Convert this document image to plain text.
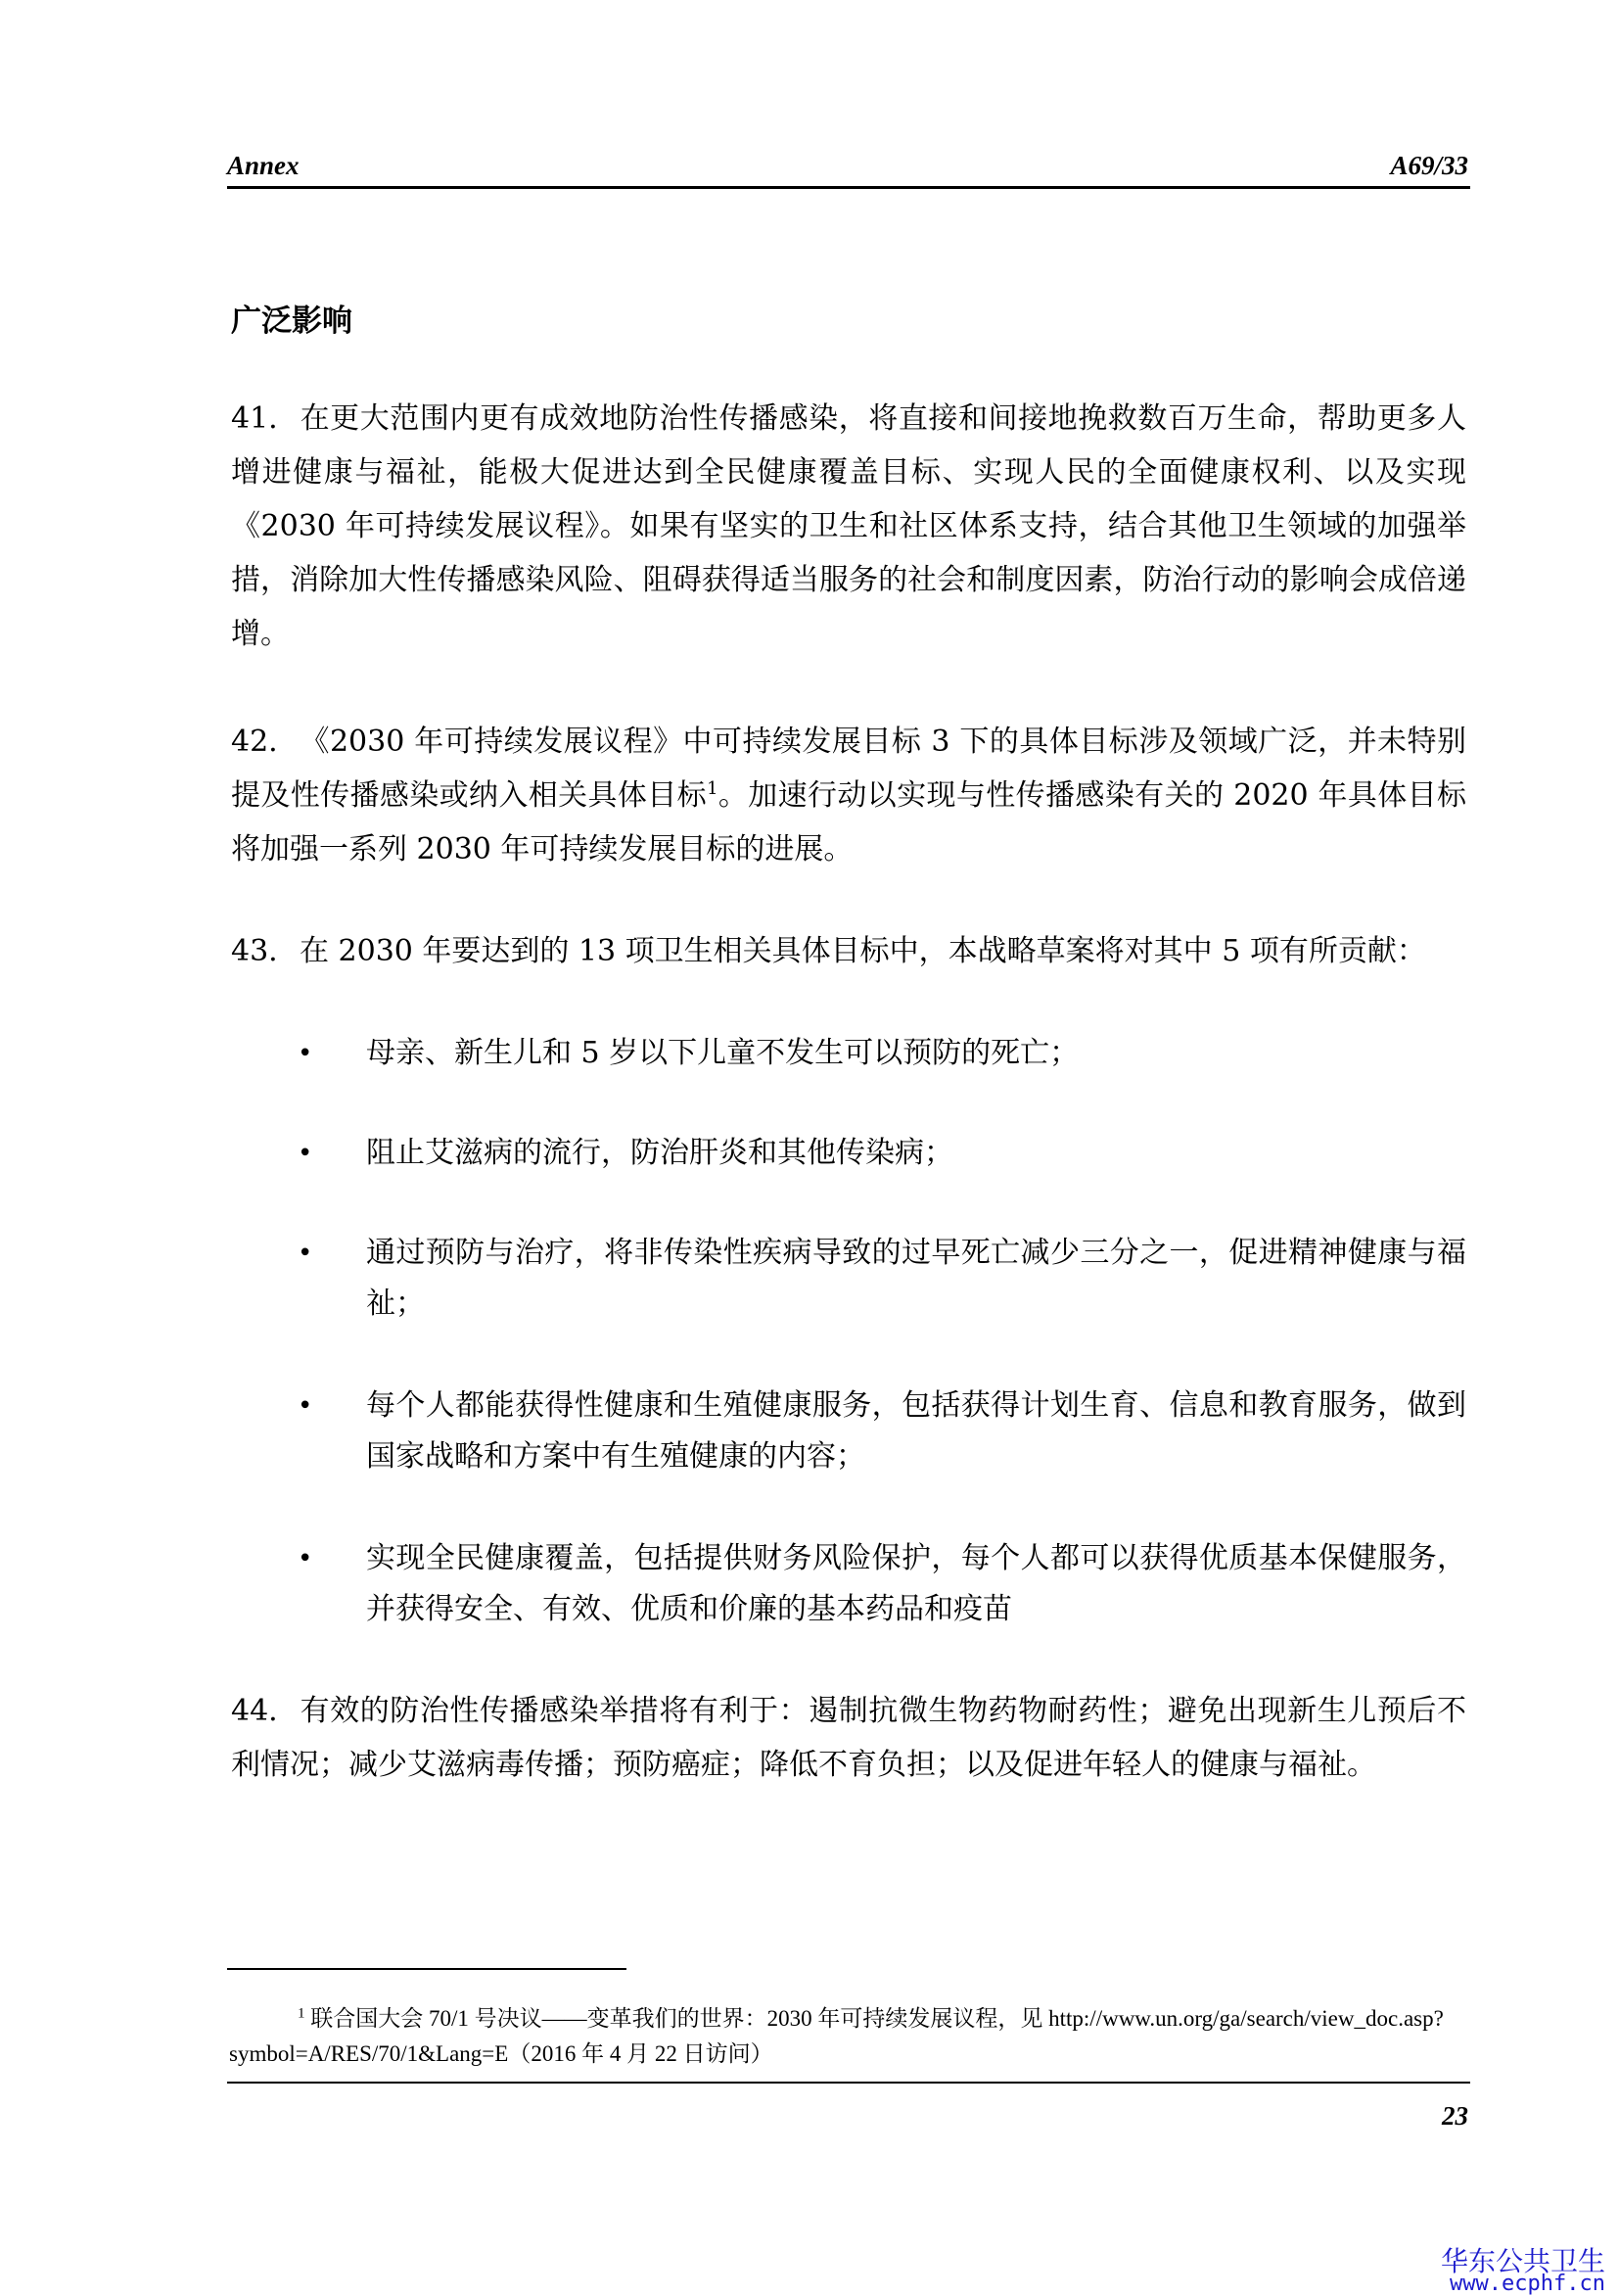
Annex	A69/33
广泛影响
41. 在更大范围内更有成效地防治性传播感染，将直接和间接地挽救数百万生命，帮助更多人增进健康与福祉，能极大促进达到全民健康覆盖目标、实现人民的全面健康权利、以及实现《2030 年可持续发展议程》。如果有坚实的卫生和社区体系支持，结合其他卫生领域的加强举措，消除加大性传播感染风险、阻碍获得适当服务的社会和制度因素，防治行动的影响会成倍递增。
42. 《2030 年可持续发展议程》中可持续发展目标 3 下的具体目标涉及领域广泛，并未特别提及性传播感染或纳入相关具体目标$^1$。加速行动以实现与性传播感染有关的 2020 年具体目标将加强一系列 2030 年可持续发展目标的进展。
43. 在 2030 年要达到的 13 项卫生相关具体目标中，本战略草案将对其中 5 项有所贡献：
• 母亲、新生儿和 5 岁以下儿童不发生可以预防的死亡；
• 阻止艾滋病的流行，防治肝炎和其他传染病；
• 通过预防与治疗，将非传染性疾病导致的过早死亡减少三分之一，促进精神健康与福祉；
• 每个人都能获得性健康和生殖健康服务，包括获得计划生育、信息和教育服务，做到国家战略和方案中有生殖健康的内容；
• 实现全民健康覆盖，包括提供财务风险保护，每个人都可以获得优质基本保健服务，并获得安全、有效、优质和价廉的基本药品和疫苗
44. 有效的防治性传播感染举措将有利于：遏制抗微生物药物耐药性；避免出现新生儿预后不利情况；减少艾滋病毒传播；预防癌症；降低不育负担；以及促进年轻人的健康与福祉。
$^1$ 联合国大会 70/1 号决议——变革我们的世界：2030 年可持续发展议程，见 http://www.un.org/ga/search/view_doc.asp?symbol=A/RES/70/1&Lang=E（2016 年 4 月 22 日访问）
23
华东公共卫生
www.ecphf.cn
